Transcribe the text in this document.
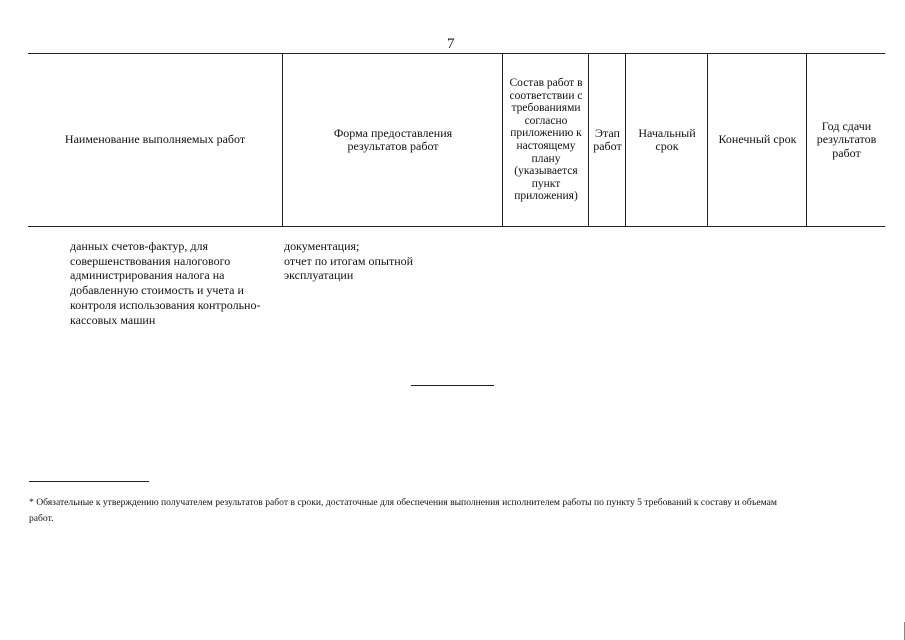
7
Наименование выполняемых работ	Форма предоставления результатов работ
Состав работ в соответствии с требованиями согласно приложению к настоящему плану (указывается пункт приложения)
Этап работ
Начальный срок	Конечный срок
Год сдачи результатов работ
данных счетов-фактур, для
совершенствования налогового
администрирования налога на
добавленную стоимость и учета и
контроля использования контрольно-
кассовых машин
документация;
отчет по итогам опытной
эксплуатации
* Обязательные к утверждению получателем результатов работ в сроки, достаточные для обеспечения выполнения исполнителем работы по пункту 5 требований к составу и объемам
работ.
